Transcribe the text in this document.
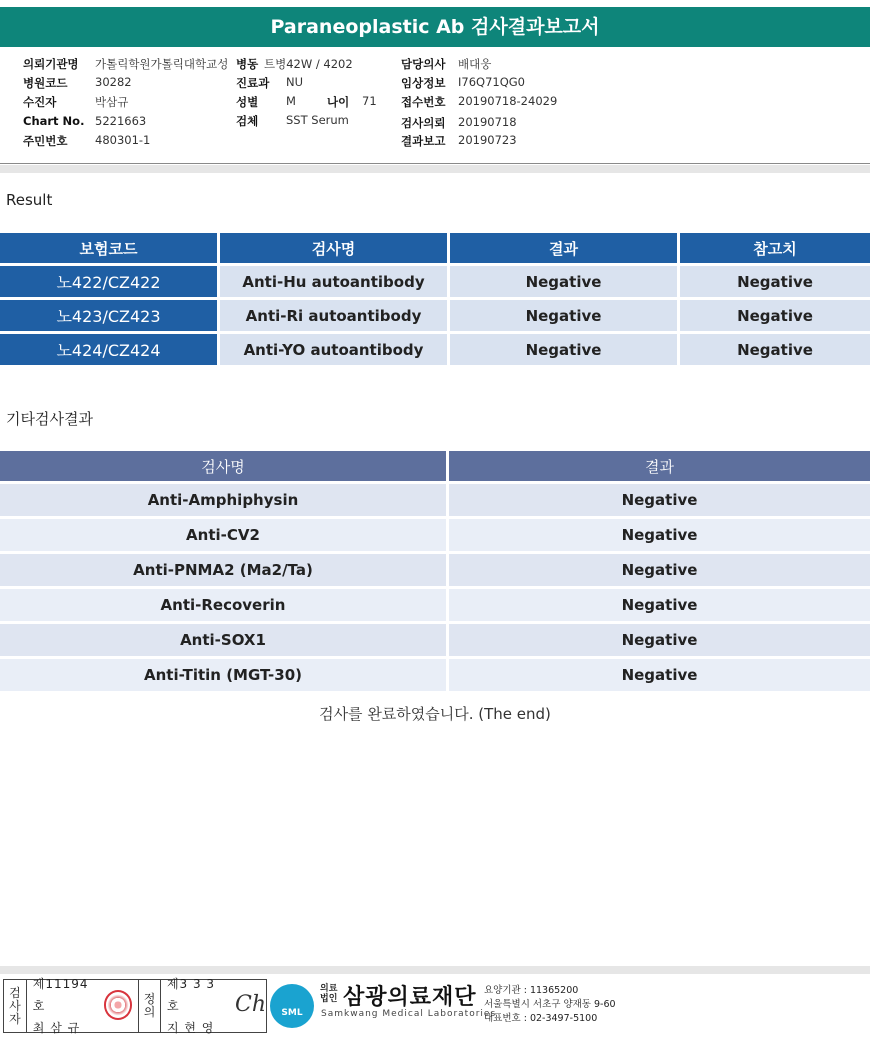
Paraneoplastic Ab 검사결과보고서
의뢰기관명 가톨릭학원가톨릭대학교성 병동 트병42W / 4202	담당의사 배대웅
병원코드 30282	진료과 NU	임상정보 I76Q71QG0
수진자	박삼규	성별 M	나이 71 접수번호 20190718-24029
Chart No. 5221663	검체 SST Serum	검사의뢰 20190718
주민번호 480301-1	결과보고 20190723
Result
보험코드	검사명	결과	참고치
노422/CZ422	Anti-Hu autoantibody	Negative	Negative
노423/CZ423	Anti-Ri autoantibody	Negative	Negative
노424/CZ424	Anti-YO autoantibody	Negative	Negative
기타검사결과
검사명	결과
Anti-Amphiphysin	Negative
Anti-CV2	Negative
Anti-PNMA2 (Ma2/Ta)	Negative
Anti-Recoverin	Negative
Anti-SOX1	Negative
Anti-Titin (MGT-30)	Negative
검사를 완료하였습니다. (The end)
검
사
자
제11194호
최 삼 규
정
의
제3 3 3 호
지 현 영
Ch	SML
의료
법인 삼광의료재단
Samkwang Medical Laboratories
요양기관 : 11365200
서울특별시 서초구 양재동 9-60
대표번호 : 02-3497-5100
